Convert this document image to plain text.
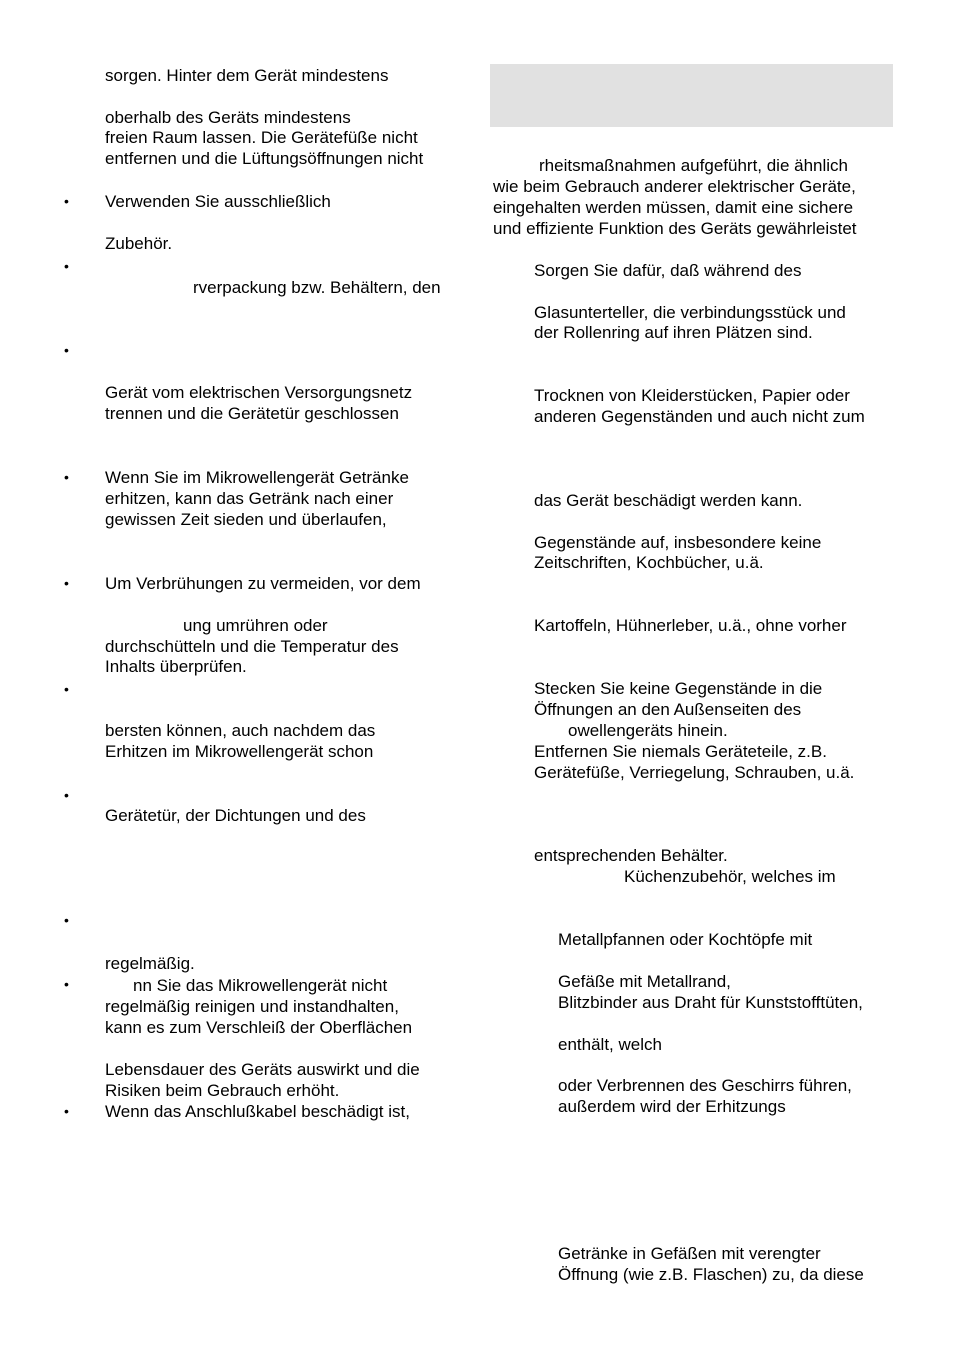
sorgen. Hinter dem Gerät mindestens
oberhalb des Geräts mindestens
freien Raum lassen. Die Gerätefüße nicht
entfernen und die Lüftungsöffnungen nicht
• Verwenden Sie ausschließlich
Zubehör.
•
rverpackung bzw. Behältern, den
•
Gerät vom elektrischen Versorgungsnetz
trennen und die Gerätetür geschlossen
• Wenn Sie im Mikrowellengerät Getränke
erhitzen, kann das Getränk nach einer
gewissen Zeit sieden und überlaufen,
• Um Verbrühungen zu vermeiden, vor dem
ung umrühren oder
durchschütteln und die Temperatur des
Inhalts überprüfen.
•
bersten können, auch nachdem das
Erhitzen im Mikrowellengerät schon
•
Gerätetür, der Dichtungen und des
•
regelmäßig.
•	nn Sie das Mikrowellengerät nicht
regelmäßig reinigen und instandhalten,
kann es zum Verschleiß der Oberflächen
Lebensdauer des Geräts auswirkt und die
Risiken beim Gebrauch erhöht.
• Wenn das Anschlußkabel beschädigt ist,
rheitsmaßnahmen aufgeführt, die ähnlich
wie beim Gebrauch anderer elektrischer Geräte,
eingehalten werden müssen, damit eine sichere
und effiziente Funktion des Geräts gewährleistet
Sorgen Sie dafür, daß während des
Glasunterteller, die verbindungsstück und
der Rollenring auf ihren Plätzen sind.
Trocknen von Kleiderstücken, Papier oder
anderen Gegenständen und auch nicht zum
das Gerät beschädigt werden kann.
Gegenstände auf, insbesondere keine
Zeitschriften, Kochbücher, u.ä.
Kartoffeln, Hühnerleber, u.ä., ohne vorher
Stecken Sie keine Gegenstände in die
Öffnungen an den Außenseiten des
owellengeräts hinein.
Entfernen Sie niemals Geräteteile, z.B.
Gerätefüße, Verriegelung, Schrauben, u.ä.
entsprechenden Behälter.
Küchenzubehör, welches im
Metallpfannen oder Kochtöpfe mit
Gefäße mit Metallrand,
Blitzbinder aus Draht für Kunststofftüten,
enthält, welch
oder Verbrennen des Geschirrs führen,
außerdem wird der Erhitzungs
Getränke in Gefäßen mit verengter
Öffnung (wie z.B. Flaschen) zu, da diese
